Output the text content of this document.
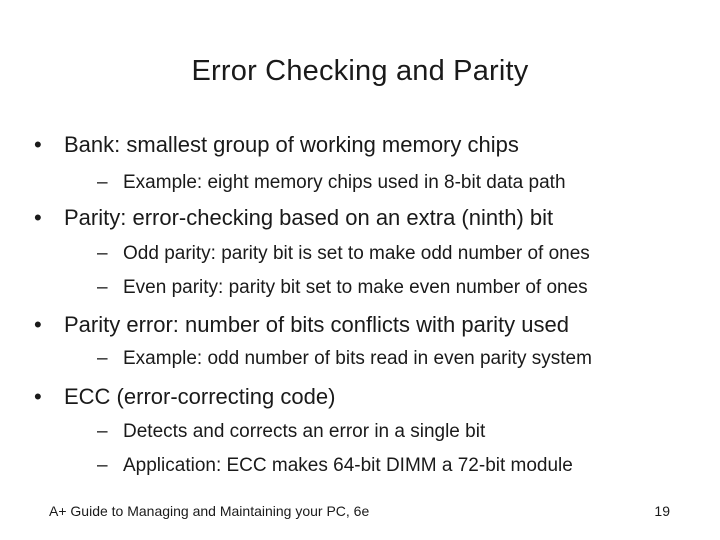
Error Checking and Parity
• Bank: smallest group of working memory chips
– Example: eight memory chips used in 8-bit data path
• Parity: error-checking based on an extra (ninth) bit
– Odd parity: parity bit is set to make odd number of ones
– Even parity: parity bit set to make even number of ones
• Parity error: number of bits conflicts with parity used
– Example: odd number of bits read in even parity system
• ECC (error-correcting code)
– Detects and corrects an error in a single bit
– Application: ECC makes 64-bit DIMM a 72-bit module
A+ Guide to Managing and Maintaining your PC, 6e	19
